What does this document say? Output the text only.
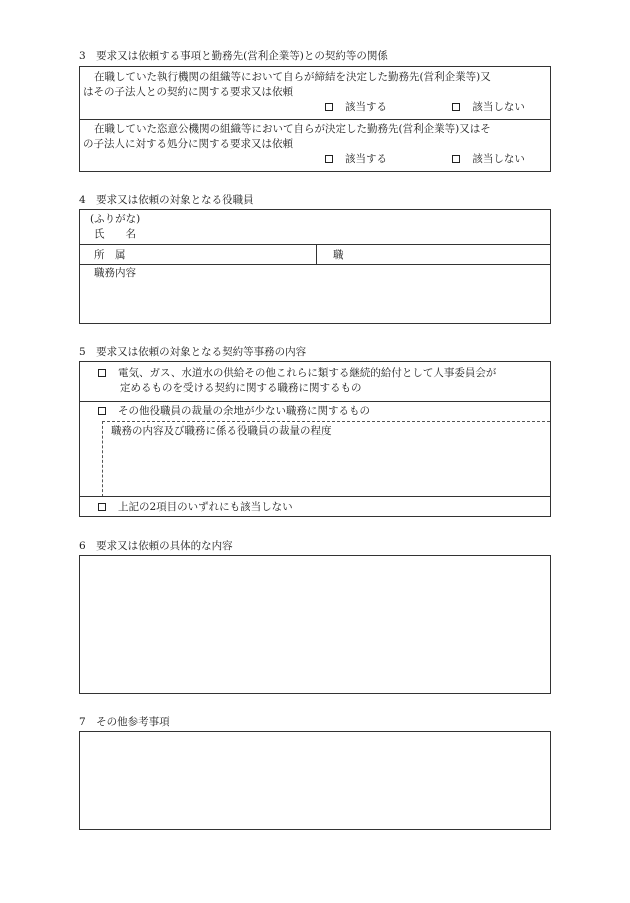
3　要求又は依頼する事項と勤務先(営利企業等)との契約等の関係
在職していた執行機関の組織等において自らが締結を決定した勤務先(営利企業等)又
はその子法人との契約に関する要求又は依頼
該当する	該当しない
在職していた恣意公機関の組織等において自らが決定した勤務先(営利企業等)又はそ
の子法人に対する処分に関する要求又は依頼
該当する	該当しない
4　要求又は依頼の対象となる役職員
(ふりがな)
氏　　名
所　属	職
職務内容
5　要求又は依頼の対象となる契約等事務の内容
電気、ガス、水道水の供給その他これらに類する継続的給付として人事委員会が
定めるものを受ける契約に関する職務に関するもの
その他役職員の裁量の余地が少ない職務に関するもの
職務の内容及び職務に係る役職員の裁量の程度
上記の2項目のいずれにも該当しない
6　要求又は依頼の具体的な内容
7　その他参考事項
